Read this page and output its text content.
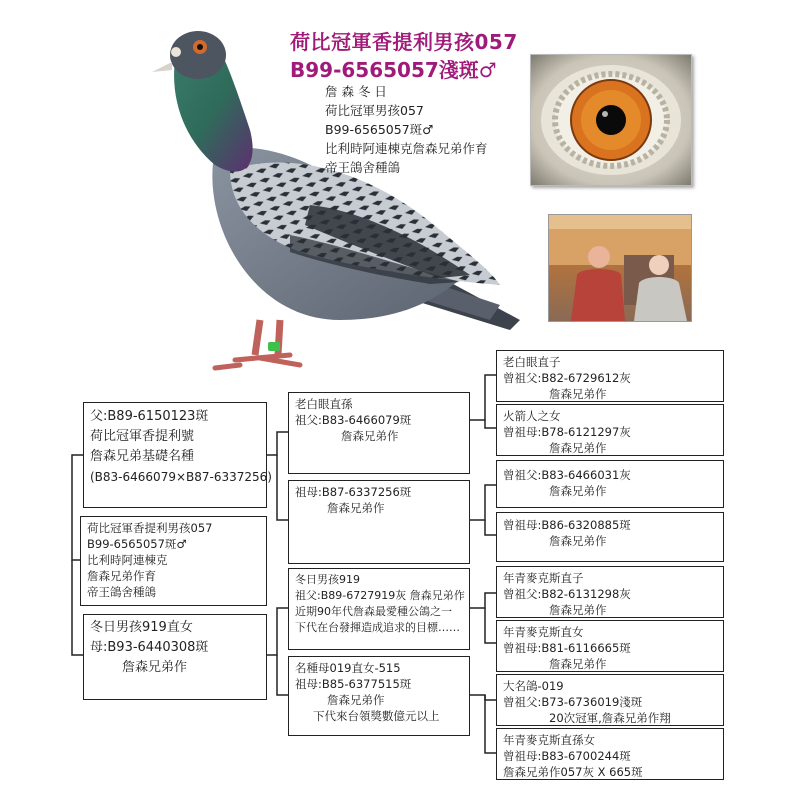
荷比冠軍香提利男孩057
B99-6565057淺斑♂
詹 森 冬 日
荷比冠軍男孩057
B99-6565057斑♂
比利時阿連棟克詹森兄弟作育
帝王鴿舍種鴿
父:B89-6150123斑
荷比冠軍香提利號
詹森兄弟基礎名種
(B83-6466079×B87-6337256)
荷比冠軍香提利男孩057
B99-6565057斑♂
比利時阿連棟克
詹森兄弟作育
帝王鴿舍種鴿
冬日男孩919直女
母:B93-6440308斑
詹森兄弟作
老白眼直孫
祖父:B83-6466079斑
詹森兄弟作
祖母:B87-6337256斑
詹森兄弟作
冬日男孩919
祖父:B89-6727919灰 詹森兄弟作
近期90年代詹森最愛種公鴿之一
下代在台發揮造成追求的目標……
名種母019直女-515
祖母:B85-6377515斑
詹森兄弟作
下代來台領獎數億元以上
老白眼直子
曾祖父:B82-6729612灰
詹森兄弟作
火箭人之女
曾祖母:B78-6121297灰
詹森兄弟作
曾祖父:B83-6466031灰
詹森兄弟作
曾祖母:B86-6320885斑
詹森兄弟作
年青麥克斯直子
曾祖父:B82-6131298灰
詹森兄弟作
年青麥克斯直女
曾祖母:B81-6116665斑
詹森兄弟作
大名鴿-019
曾祖父:B73-6736019淺斑
20次冠軍,詹森兄弟作翔
年青麥克斯直孫女
曾祖母:B83-6700244斑
詹森兄弟作057灰 X 665斑
